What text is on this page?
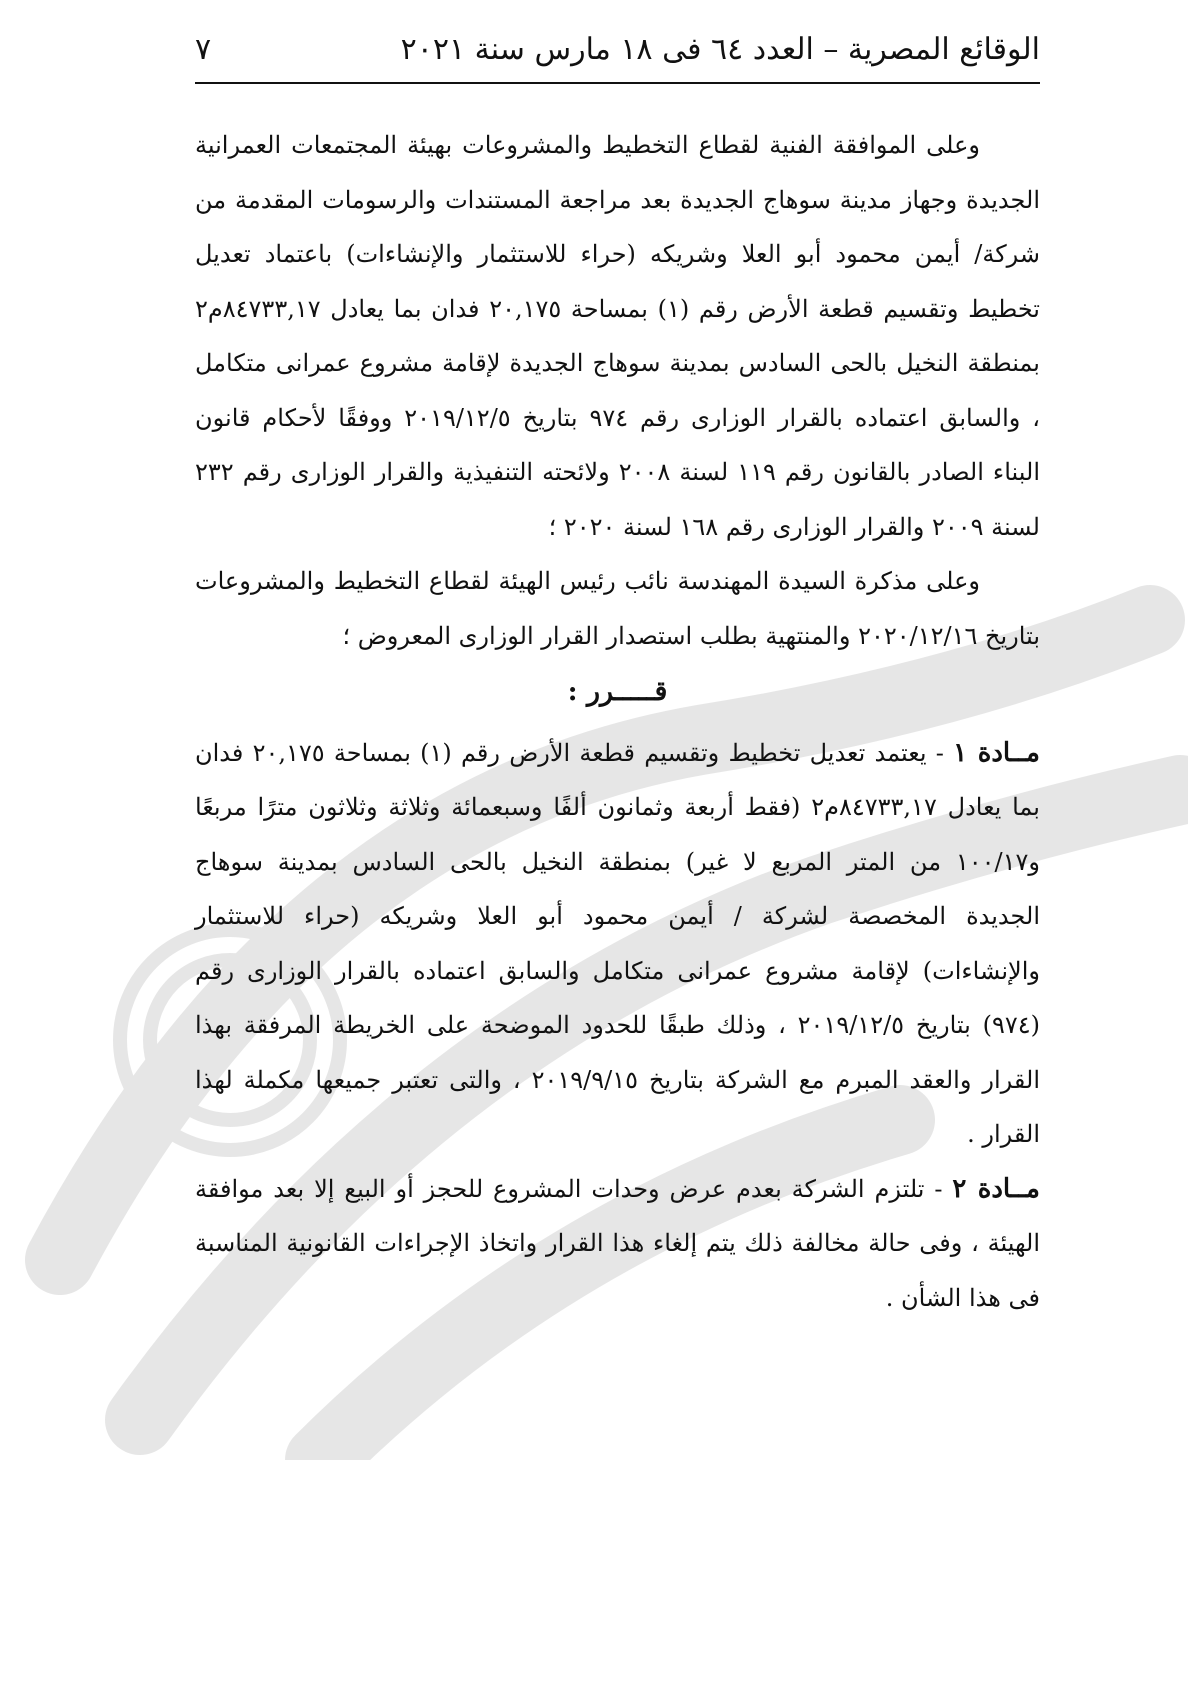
الوقائع المصرية – العدد ٦٤ فى ١٨ مارس سنة ٢٠٢١
٧

وعلى الموافقة الفنية لقطاع التخطيط والمشروعات بهيئة المجتمعات العمرانية الجديدة وجهاز مدينة سوهاج الجديدة بعد مراجعة المستندات والرسومات المقدمة من شركة/ أيمن محمود أبو العلا وشريكه (حراء للاستثمار والإنشاءات) باعتماد تعديل تخطيط وتقسيم قطعة الأرض رقم (١) بمساحة ٢٠,١٧٥ فدان بما يعادل ٨٤٧٣٣,١٧م٢ بمنطقة النخيل بالحى السادس بمدينة سوهاج الجديدة لإقامة مشروع عمرانى متكامل ، والسابق اعتماده بالقرار الوزارى رقم ٩٧٤ بتاريخ ٢٠١٩/١٢/٥ ووفقًا لأحكام قانون البناء الصادر بالقانون رقم ١١٩ لسنة ٢٠٠٨ ولائحته التنفيذية والقرار الوزارى رقم ٢٣٢ لسنة ٢٠٠٩ والقرار الوزارى رقم ١٦٨ لسنة ٢٠٢٠ ؛

وعلى مذكرة السيدة المهندسة نائب رئيس الهيئة لقطاع التخطيط والمشروعات بتاريخ ٢٠٢٠/١٢/١٦ والمنتهية بطلب استصدار القرار الوزارى المعروض ؛

قـــــرر :

مــادة ١ - يعتمد تعديل تخطيط وتقسيم قطعة الأرض رقم (١) بمساحة ٢٠,١٧٥ فدان بما يعادل ٨٤٧٣٣,١٧م٢ (فقط أربعة وثمانون ألفًا وسبعمائة وثلاثة وثلاثون مترًا مربعًا و١٠٠/١٧ من المتر المربع لا غير) بمنطقة النخيل بالحى السادس بمدينة سوهاج الجديدة المخصصة لشركة / أيمن محمود أبو العلا وشريكه (حراء للاستثمار والإنشاءات) لإقامة مشروع عمرانى متكامل والسابق اعتماده بالقرار الوزارى رقم (٩٧٤) بتاريخ ٢٠١٩/١٢/٥ ، وذلك طبقًا للحدود الموضحة على الخريطة المرفقة بهذا القرار والعقد المبرم مع الشركة بتاريخ ٢٠١٩/٩/١٥ ، والتى تعتبر جميعها مكملة لهذا القرار .

مــادة ٢ - تلتزم الشركة بعدم عرض وحدات المشروع للحجز أو البيع إلا بعد موافقة الهيئة ، وفى حالة مخالفة ذلك يتم إلغاء هذا القرار واتخاذ الإجراءات القانونية المناسبة فى هذا الشأن .
